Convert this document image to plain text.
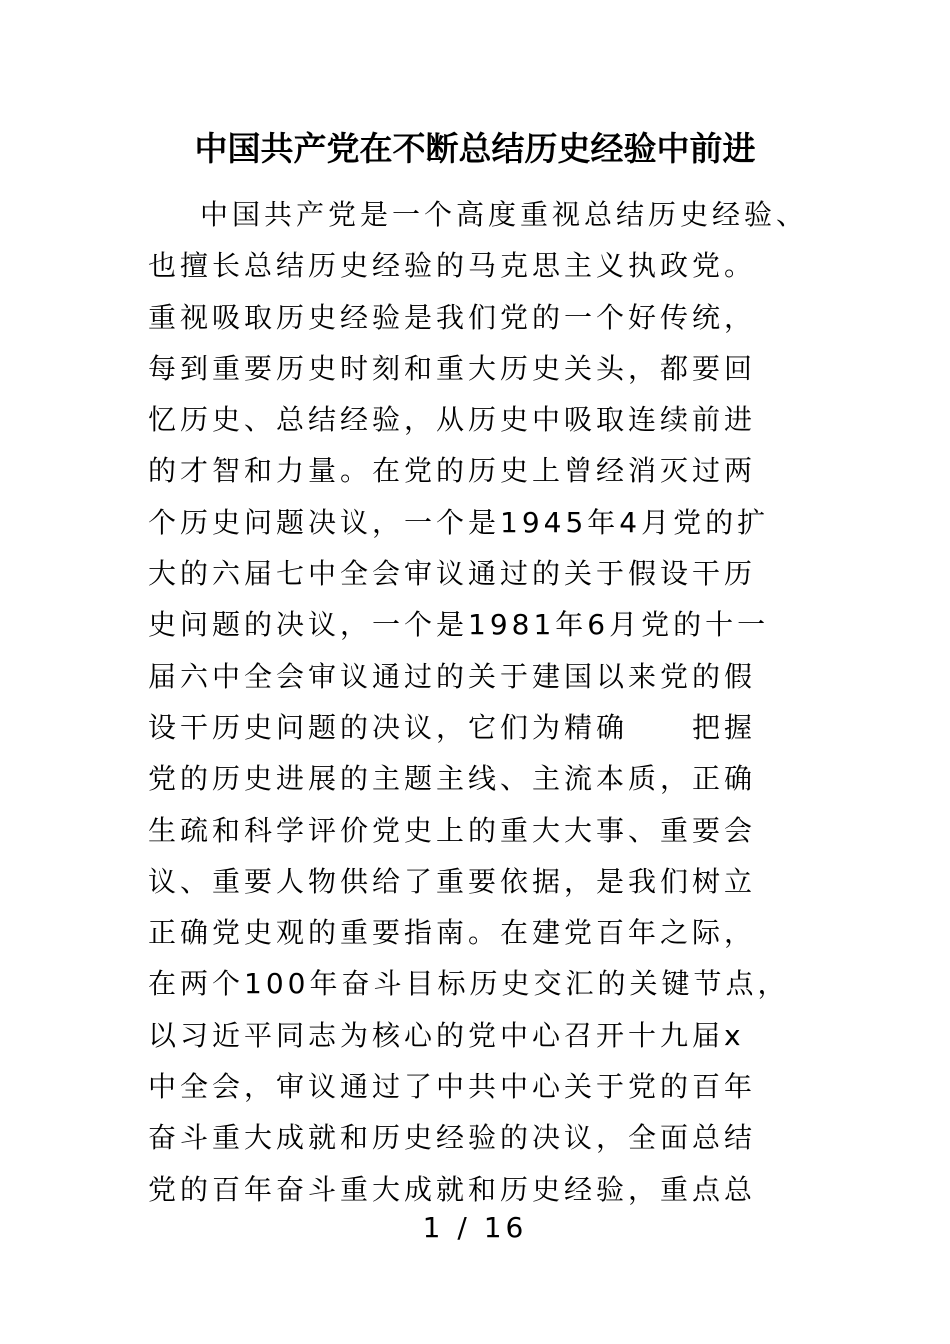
中国共产党在不断总结历史经验中前进
中国共产党是一个高度重视总结历史经验、
也擅长总结历史经验的马克思主义执政党。
重视吸取历史经验是我们党的一个好传统，
每到重要历史时刻和重大历史关头，都要回
忆历史、总结经验，从历史中吸取连续前进
的才智和力量。在党的历史上曾经消灭过两
个历史问题决议，一个是1945年4月党的扩
大的六届七中全会审议通过的关于假设干历
史问题的决议，一个是1981年6月党的十一
届六中全会审议通过的关于建国以来党的假
设干历史问题的决议，它们为精确　　把握
党的历史进展的主题主线、主流本质，正确
生疏和科学评价党史上的重大大事、重要会
议、重要人物供给了重要依据，是我们树立
正确党史观的重要指南。在建党百年之际，
在两个100年奋斗目标历史交汇的关键节点，
以习近平同志为核心的党中心召开十九届x
中全会，审议通过了中共中心关于党的百年
奋斗重大成就和历史经验的决议，全面总结
党的百年奋斗重大成就和历史经验，重点总
1 / 16
